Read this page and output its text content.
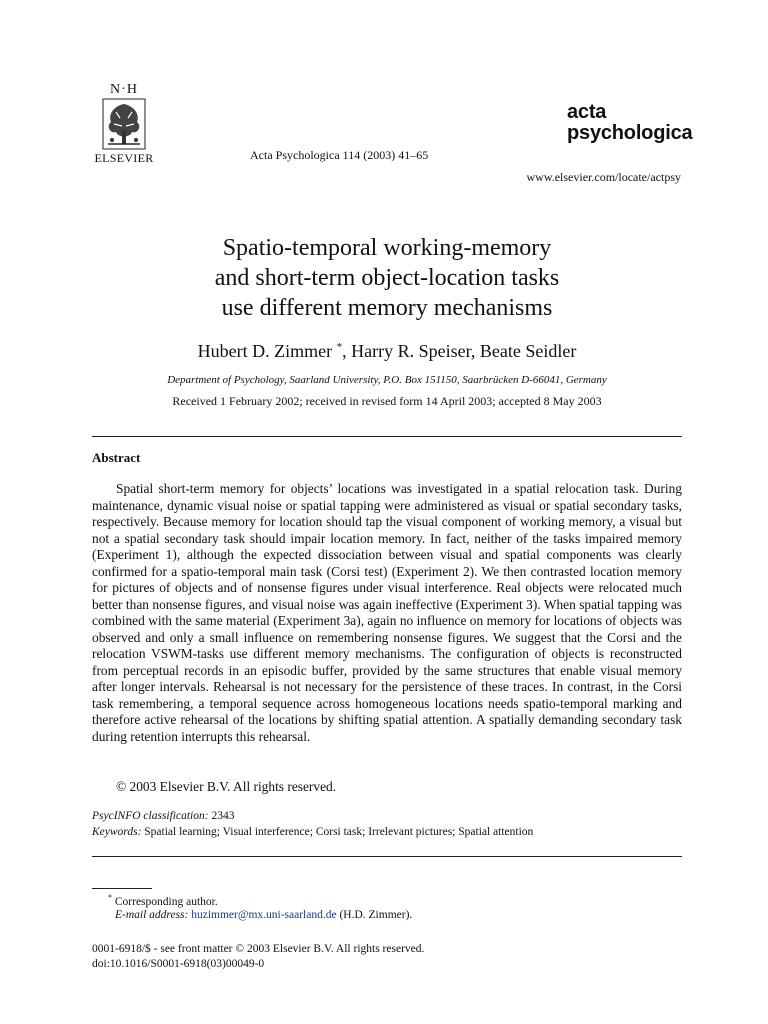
N·H
ELSEVIER	Acta Psychologica 114 (2003) 41–65
acta
psychologica
www.elsevier.com/locate/actpsy
Spatio-temporal working-memory
and short-term object-location tasks
use different memory mechanisms
Hubert D. Zimmer *, Harry R. Speiser, Beate Seidler
Department of Psychology, Saarland University, P.O. Box 151150, Saarbrücken D-66041, Germany
Received 1 February 2002; received in revised form 14 April 2003; accepted 8 May 2003
Abstract
Spatial short-term memory for objects’ locations was investigated in a spatial relocation task. During maintenance, dynamic visual noise or spatial tapping were administered as visual or spatial secondary tasks, respectively. Because memory for location should tap the visual component of working memory, a visual but not a spatial secondary task should impair location memory. In fact, neither of the tasks impaired memory (Experiment 1), although the expected dissociation between visual and spatial components was clearly confirmed for a spatio-temporal main task (Corsi test) (Experiment 2). We then contrasted location memory for pictures of objects and of nonsense figures under visual interference. Real objects were relocated much better than nonsense figures, and visual noise was again ineffective (Experiment 3). When spatial tapping was combined with the same material (Experiment 3a), again no influence on memory for locations of objects was observed and only a small influence on remembering nonsense figures. We suggest that the Corsi and the relocation VSWM-tasks use different memory mechanisms. The configuration of objects is reconstructed from perceptual records in an episodic buffer, provided by the same structures that enable visual memory after longer intervals. Rehearsal is not necessary for the persistence of these traces. In contrast, in the Corsi task remembering, a temporal sequence across homogeneous locations needs spatio-temporal marking and therefore active rehearsal of the locations by shifting spatial attention. A spatially demanding secondary task during retention interrupts this rehearsal.
© 2003 Elsevier B.V. All rights reserved.
PsycINFO classification: 2343
Keywords: Spatial learning; Visual interference; Corsi task; Irrelevant pictures; Spatial attention
* Corresponding author.
E-mail address: huzimmer@mx.uni-saarland.de (H.D. Zimmer).
0001-6918/$ - see front matter © 2003 Elsevier B.V. All rights reserved.
doi:10.1016/S0001-6918(03)00049-0
